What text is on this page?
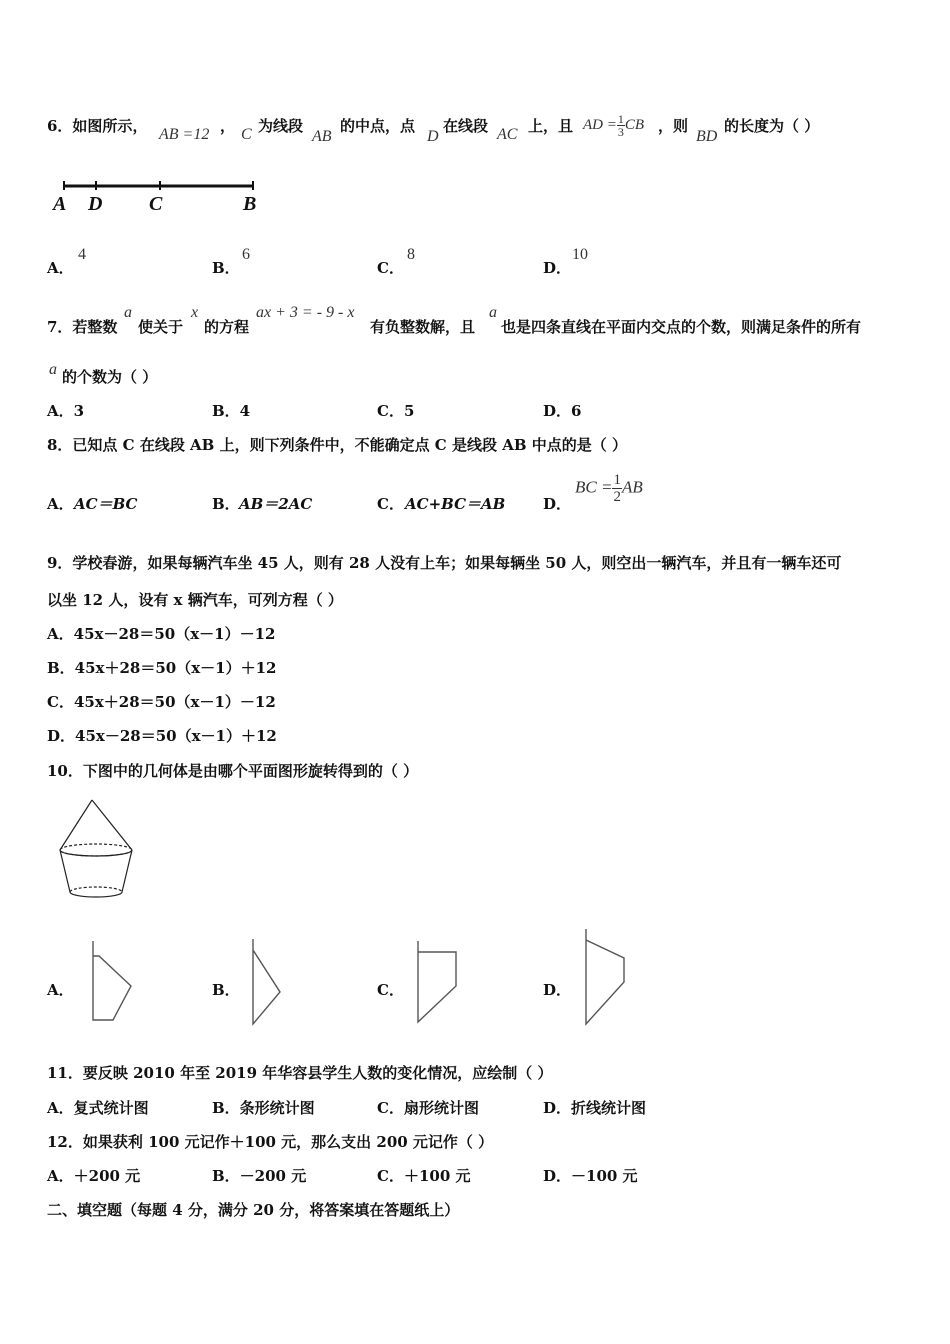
6．如图所示， AB =12 ， C 为线段
AB
的中点，点
D
在线段 AC 上，且 AD = $\frac{1}{3}$ CB ，则
BD
的长度为（ ）
A D C	B
A．
4
B．
6
C．
8
D．
10
7．若整数
a
使关于
x
的方程
ax + 3 = - 9 - x
有负整数解，且
a
也是四条直线在平面内交点的个数，则满足条件的所有
a 的个数为（ ）
A．3	B．4	C．5	D．6
8．已知点 C 在线段 AB 上，则下列条件中，不能确定点 C 是线段 AB 中点的是（ ）
A． AC＝BC	B． AB＝2AC	C． AC+BC＝AB	D．
BC = $\frac{1}{2}$ AB
9．学校春游，如果每辆汽车坐 45 人，则有 28 人没有上车；如果每辆坐 50 人，则空出一辆汽车，并且有一辆车还可
以坐 12 人，设有 x 辆汽车，可列方程（ ）
A．45x－28＝50（x－1）－12
B．45x＋28＝50（x－1）＋12
C．45x＋28＝50（x－1）－12
D．45x－28＝50（x－1）＋12
10．下图中的几何体是由哪个平面图形旋转得到的（ ）
A．	B．	C．	D．
11．要反映 2010 年至 2019 年华容县学生人数的变化情况，应绘制（ ）
A．复式统计图	B．条形统计图	C．扇形统计图	D．折线统计图
12．如果获利 100 元记作＋100 元，那么支出 200 元记作（ ）
A．＋200 元	B．－200 元	C．＋100 元	D．－100 元
二、填空题（每题 4 分，满分 20 分，将答案填在答题纸上）
